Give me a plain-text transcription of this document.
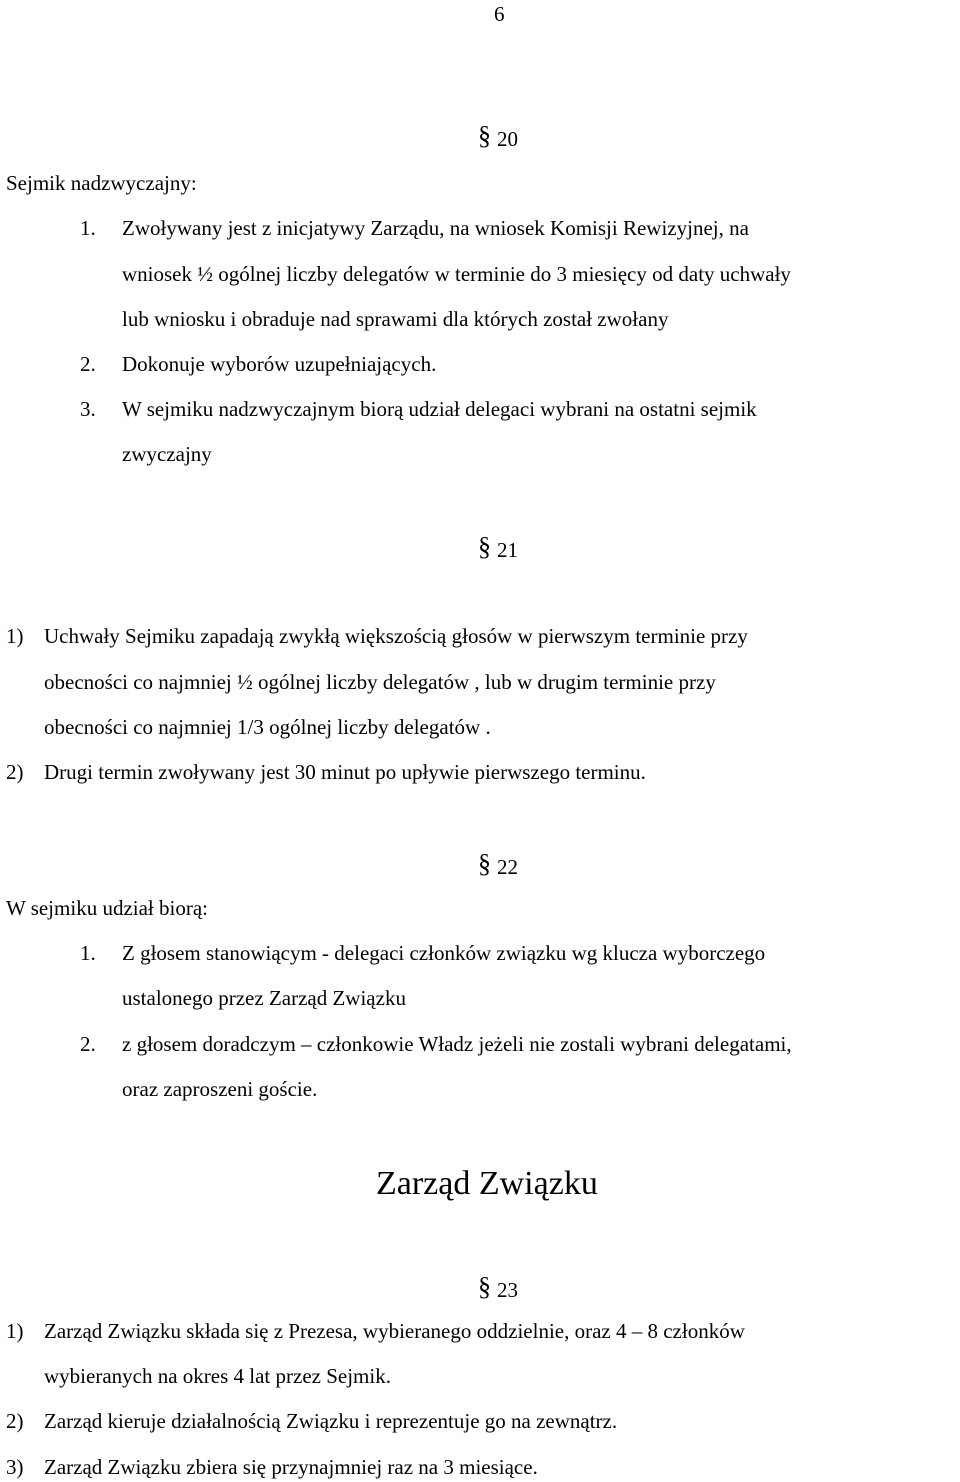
6
§ 20
Sejmik nadzwyczajny:
1. Zwoływany jest z inicjatywy Zarządu, na wniosek Komisji Rewizyjnej, na
wniosek ½ ogólnej liczby delegatów w terminie do 3 miesięcy od daty uchwały
lub wniosku i obraduje nad sprawami dla których został zwołany
2. Dokonuje wyborów uzupełniających.
3. W sejmiku nadzwyczajnym biorą udział delegaci wybrani na ostatni sejmik
zwyczajny
§ 21
1) Uchwały Sejmiku zapadają zwykłą większością głosów w pierwszym terminie przy
obecności co najmniej ½ ogólnej liczby delegatów , lub w drugim terminie przy
obecności co najmniej 1/3 ogólnej liczby delegatów .
2) Drugi termin zwoływany jest 30 minut po upływie pierwszego terminu.
§ 22
W sejmiku udział biorą:
1. Z głosem stanowiącym - delegaci członków związku wg klucza wyborczego
ustalonego przez Zarząd Związku
2. z głosem doradczym – członkowie Władz jeżeli nie zostali wybrani delegatami,
oraz zaproszeni goście.
Zarząd Związku
§ 23
1) Zarząd Związku składa się z Prezesa, wybieranego oddzielnie, oraz 4 – 8 członków
wybieranych na okres 4 lat przez Sejmik.
2) Zarząd kieruje działalnością Związku i reprezentuje go na zewnątrz.
3) Zarząd Związku zbiera się przynajmniej raz na 3 miesiące.
